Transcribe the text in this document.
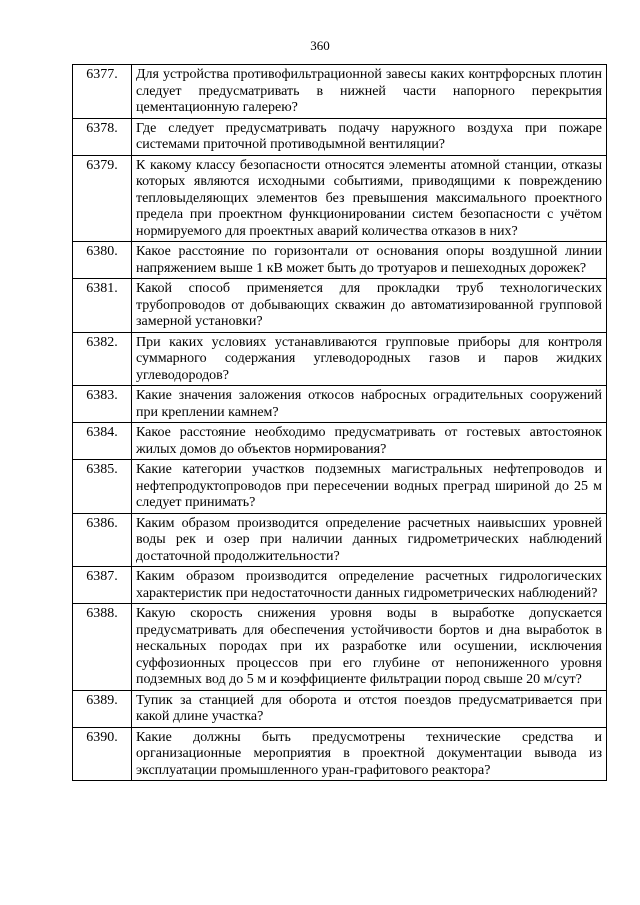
360
6377.	Для устройства противофильтрационной завесы каких контрфорсных плотин следует предусматривать в нижней части напорного перекрытия цементационную галерею?
6378.	Где следует предусматривать подачу наружного воздуха при пожаре системами приточной противодымной вентиляции?
6379.	К какому классу безопасности относятся элементы атомной станции, отказы которых являются исходными событиями, приводящими к повреждению тепловыделяющих элементов без превышения максимального проектного предела при проектном функционировании систем безопасности с учётом нормируемого для проектных аварий количества отказов в них?
6380.	Какое расстояние по горизонтали от основания опоры воздушной линии напряжением выше 1 кВ может быть до тротуаров и пешеходных дорожек?
6381.	Какой способ применяется для прокладки труб технологических трубопроводов от добывающих скважин до автоматизированной групповой замерной установки?
6382.	При каких условиях устанавливаются групповые приборы для контроля суммарного содержания углеводородных газов и паров жидких углеводородов?
6383.	Какие значения заложения откосов набросных оградительных сооружений при креплении камнем?
6384.	Какое расстояние необходимо предусматривать от гостевых автостоянок жилых домов до объектов нормирования?
6385.	Какие категории участков подземных магистральных нефтепроводов и нефтепродуктопроводов при пересечении водных преград шириной до 25 м следует принимать?
6386.	Каким образом производится определение расчетных наивысших уровней воды рек и озер при наличии данных гидрометрических наблюдений достаточной продолжительности?
6387.	Каким образом производится определение расчетных гидрологических характеристик при недостаточности данных гидрометрических наблюдений?
6388.	Какую скорость снижения уровня воды в выработке допускается предусматривать для обеспечения устойчивости бортов и дна выработок в нескальных породах при их разработке или осушении, исключения суффозионных процессов при его глубине от непониженного уровня подземных вод до 5 м и коэффициенте фильтрации пород свыше 20 м/сут?
6389.	Тупик за станцией для оборота и отстоя поездов предусматривается при какой длине участка?
6390.	Какие должны быть предусмотрены технические средства и организационные мероприятия в проектной документации вывода из эксплуатации промышленного уран-графитового реактора?
